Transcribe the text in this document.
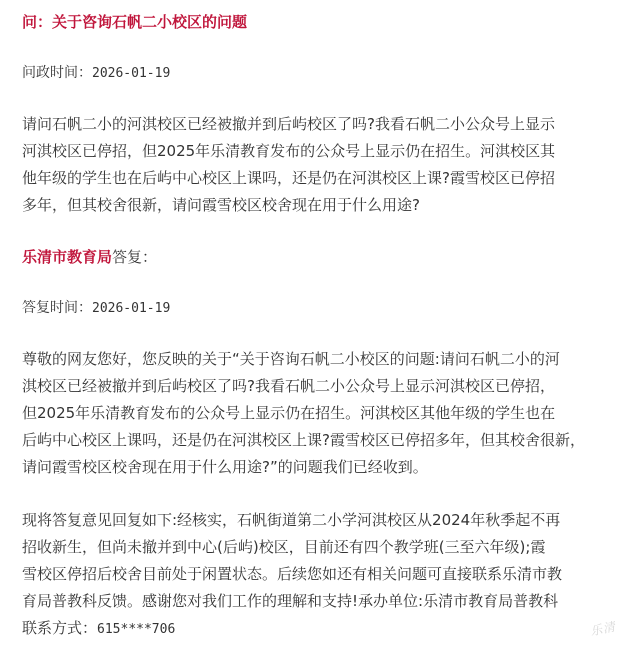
问：关于咨询石帆二小校区的问题

问政时间：2026-01-19

请问石帆二小的河淇校区已经被撤并到后屿校区了吗?我看石帆二小公众号上显示
河淇校区已停招，但2025年乐清教育发布的公众号上显示仍在招生。河淇校区其
他年级的学生也在后屿中心校区上课吗，还是仍在河淇校区上课?霞雪校区已停招
多年，但其校舍很新，请问霞雪校区校舍现在用于什么用途?

乐清市教育局答复：

答复时间：2026-01-19

尊敬的网友您好，您反映的关于“关于咨询石帆二小校区的问题:请问石帆二小的河
淇校区已经被撤并到后屿校区了吗?我看石帆二小公众号上显示河淇校区已停招，
但2025年乐清教育发布的公众号上显示仍在招生。河淇校区其他年级的学生也在
后屿中心校区上课吗，还是仍在河淇校区上课?霞雪校区已停招多年，但其校舍很新，
请问霞雪校区校舍现在用于什么用途?”的问题我们已经收到。

现将答复意见回复如下:经核实，石帆街道第二小学河淇校区从2024年秋季起不再
招收新生，但尚未撤并到中心(后屿)校区，目前还有四个教学班(三至六年级);霞
雪校区停招后校舍目前处于闲置状态。后续您如还有相关问题可直接联系乐清市教
育局普教科反馈。感谢您对我们工作的理解和支持!承办单位:乐清市教育局普教科
联系方式：615****706	乐清
